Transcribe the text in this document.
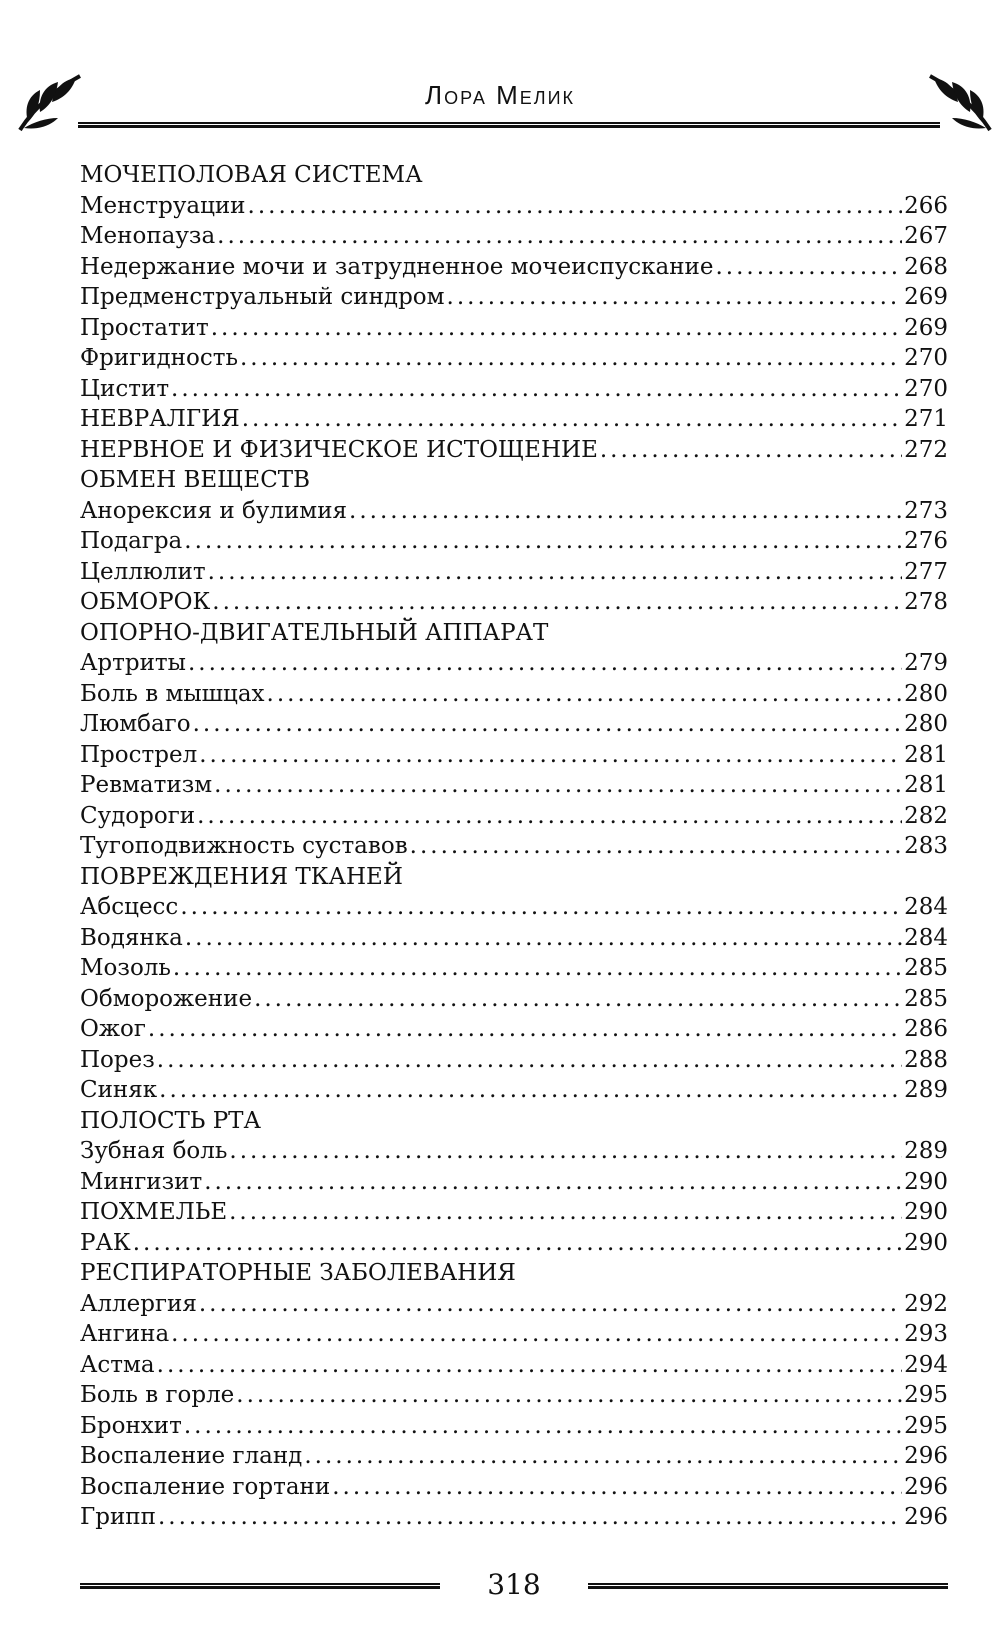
Лора Мелик
МОЧЕПОЛОВАЯ СИСТЕМА
Менструации .....	266
Менопауза .....	267
Недержание мочи и затрудненное мочеиспускание .....	268
Предменструальный синдром .....	269
Простатит .....	269
Фригидность .....	270
Цистит .....	270
НЕВРАЛГИЯ .....	271
НЕРВНОЕ И ФИЗИЧЕСКОЕ ИСТОЩЕНИЕ .....	272
ОБМЕН ВЕЩЕСТВ
Анорексия и булимия .....	273
Подагра .....	276
Целлюлит .....	277
ОБМОРОК .....	278
ОПОРНО-ДВИГАТЕЛЬНЫЙ АППАРАТ
Артриты .....	279
Боль в мышцах .....	280
Люмбаго .....	280
Прострел .....	281
Ревматизм .....	281
Судороги .....	282
Тугоподвижность суставов .....	283
ПОВРЕЖДЕНИЯ ТКАНЕЙ
Абсцесс .....	284
Водянка .....	284
Мозоль .....	285
Обморожение .....	285
Ожог .....	286
Порез .....	288
Синяк .....	289
ПОЛОСТЬ РТА
Зубная боль .....	289
Мингизит .....	290
ПОХМЕЛЬЕ .....	290
РАК .....	290
РЕСПИРАТОРНЫЕ ЗАБОЛЕВАНИЯ
Аллергия .....	292
Ангина .....	293
Астма .....	294
Боль в горле .....	295
Бронхит .....	295
Воспаление гланд .....	296
Воспаление гортани .....	296
Грипп .....	296
318
